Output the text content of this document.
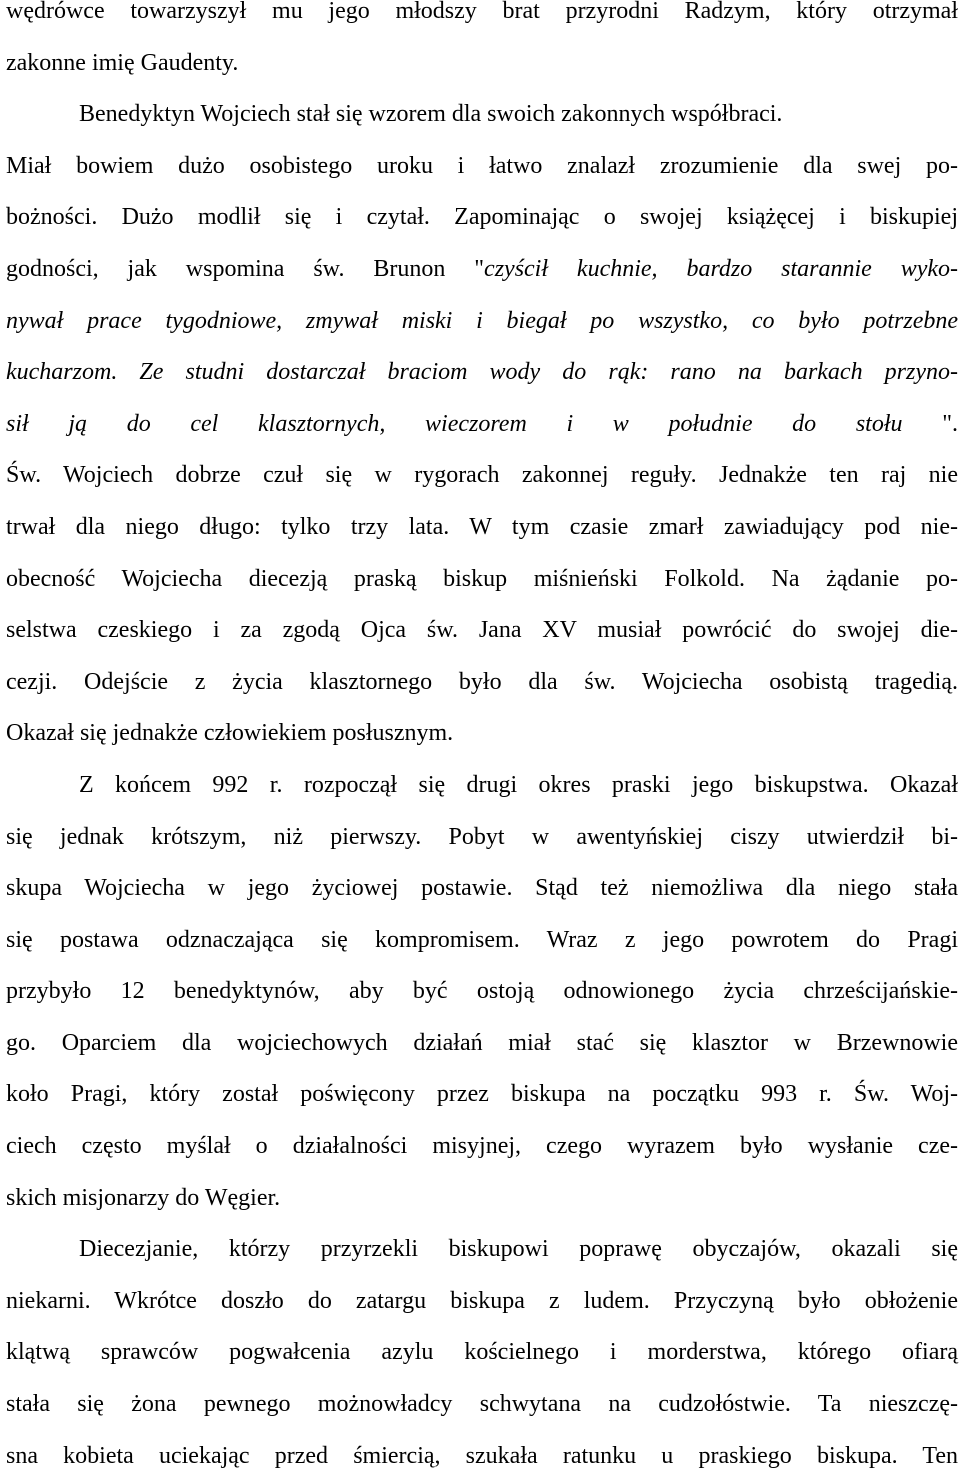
wędrówce towarzyszył mu jego młodszy brat przyrodni Radzym, który otrzymał
zakonne imię Gaudenty.
Benedyktyn Wojciech stał się wzorem dla swoich zakonnych współbraci.
Miał bowiem dużo osobistego uroku i łatwo znalazł zrozumienie dla swej po-
bożności. Dużo modlił się i czytał. Zapominając o swojej książęcej i biskupiej
godności, jak wspomina św. Brunon "czyścił kuchnie, bardzo starannie wyko-
nywał prace tygodniowe, zmywał miski i biegał po wszystko, co było potrzebne
kucharzom. Ze studni dostarczał braciom wody do rąk: rano na barkach przyno-
sił ją do cel klasztornych, wieczorem i w południe do stołu ".
Św. Wojciech dobrze czuł się w rygorach zakonnej reguły. Jednakże ten raj nie
trwał dla niego długo: tylko trzy lata. W tym czasie zmarł zawiadujący pod nie-
obecność Wojciecha diecezją praską biskup miśnieński Folkold. Na żądanie po-
selstwa czeskiego i za zgodą Ojca św. Jana XV musiał powrócić do swojej die-
cezji. Odejście z życia klasztornego było dla św. Wojciecha osobistą tragedią.
Okazał się jednakże człowiekiem posłusznym.
Z końcem 992 r. rozpoczął się drugi okres praski jego biskupstwa. Okazał
się jednak krótszym, niż pierwszy. Pobyt w awentyńskiej ciszy utwierdził bi-
skupa Wojciecha w jego życiowej postawie. Stąd też niemożliwa dla niego stała
się postawa odznaczająca się kompromisem. Wraz z jego powrotem do Pragi
przybyło 12 benedyktynów, aby być ostoją odnowionego życia chrześcijańskie-
go. Oparciem dla wojciechowych działań miał stać się klasztor w Brzewnowie
koło Pragi, który został poświęcony przez biskupa na początku 993 r. Św. Woj-
ciech często myślał o działalności misyjnej, czego wyrazem było wysłanie cze-
skich misjonarzy do Węgier.
Diecezjanie, którzy przyrzekli biskupowi poprawę obyczajów, okazali się
niekarni. Wkrótce doszło do zatargu biskupa z ludem. Przyczyną było obłożenie
klątwą sprawców pogwałcenia azylu kościelnego i morderstwa, którego ofiarą
stała się żona pewnego możnowładcy schwytana na cudzołóstwie. Ta nieszczę-
sna kobieta uciekając przed śmiercią, szukała ratunku u praskiego biskupa. Ten
